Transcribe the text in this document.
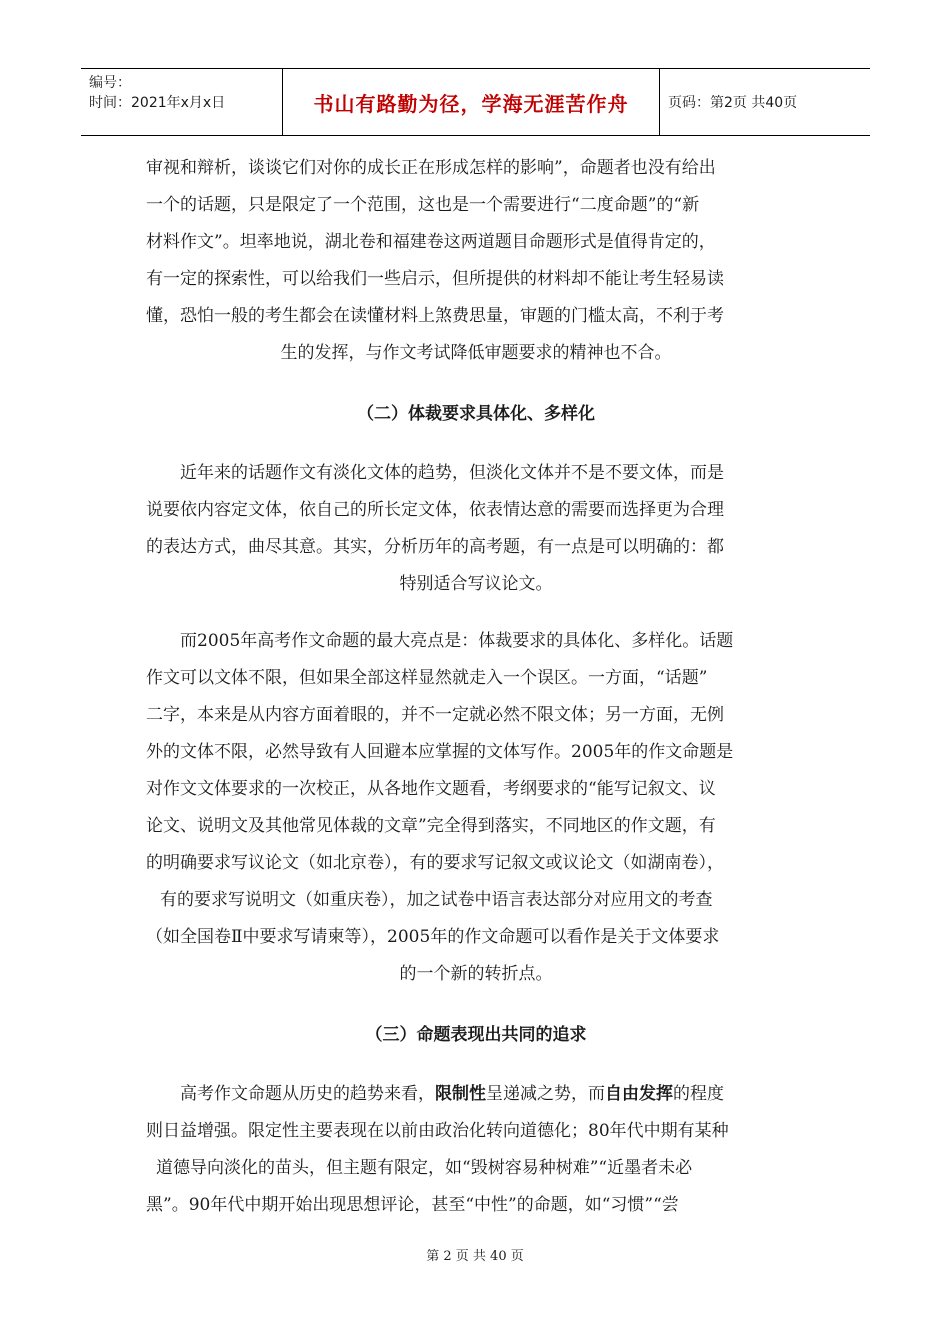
编号：
时间：2021年x月x日	书山有路勤为径，学海无涯苦作舟	页码：第2页 共40页

审视和辩析，谈谈它们对你的成长正在形成怎样的影响”，命题者也没有给出
一个的话题，只是限定了一个范围，这也是一个需要进行“二度命题”的“新
材料作文”。坦率地说，湖北卷和福建卷这两道题目命题形式是值得肯定的，
有一定的探索性，可以给我们一些启示，但所提供的材料却不能让考生轻易读
懂，恐怕一般的考生都会在读懂材料上煞费思量，审题的门槛太高，不利于考
生的发挥，与作文考试降低审题要求的精神也不合。

（二）体裁要求具体化、多样化

近年来的话题作文有淡化文体的趋势，但淡化文体并不是不要文体，而是
说要依内容定文体，依自己的所长定文体，依表情达意的需要而选择更为合理
的表达方式，曲尽其意。其实，分析历年的高考题，有一点是可以明确的：都
特别适合写议论文。

而2005年高考作文命题的最大亮点是：体裁要求的具体化、多样化。话题
作文可以文体不限，但如果全部这样显然就走入一个误区。一方面，“话题”
二字，本来是从内容方面着眼的，并不一定就必然不限文体；另一方面，无例
外的文体不限，必然导致有人回避本应掌握的文体写作。2005年的作文命题是
对作文文体要求的一次校正，从各地作文题看，考纲要求的“能写记叙文、议
论文、说明文及其他常见体裁的文章”完全得到落实，不同地区的作文题，有
的明确要求写议论文（如北京卷），有的要求写记叙文或议论文（如湖南卷），
有的要求写说明文（如重庆卷），加之试卷中语言表达部分对应用文的考查
（如全国卷Ⅱ中要求写请柬等），2005年的作文命题可以看作是关于文体要求
的一个新的转折点。

（三）命题表现出共同的追求

高考作文命题从历史的趋势来看，限制性呈递减之势，而自由发挥的程度
则日益增强。限定性主要表现在以前由政治化转向道德化；80年代中期有某种
道德导向淡化的苗头，但主题有限定，如“毁树容易种树难”“近墨者未必
黑”。90年代中期开始出现思想评论，甚至“中性”的命题，如“习惯”“尝

第 2 页 共 40 页
